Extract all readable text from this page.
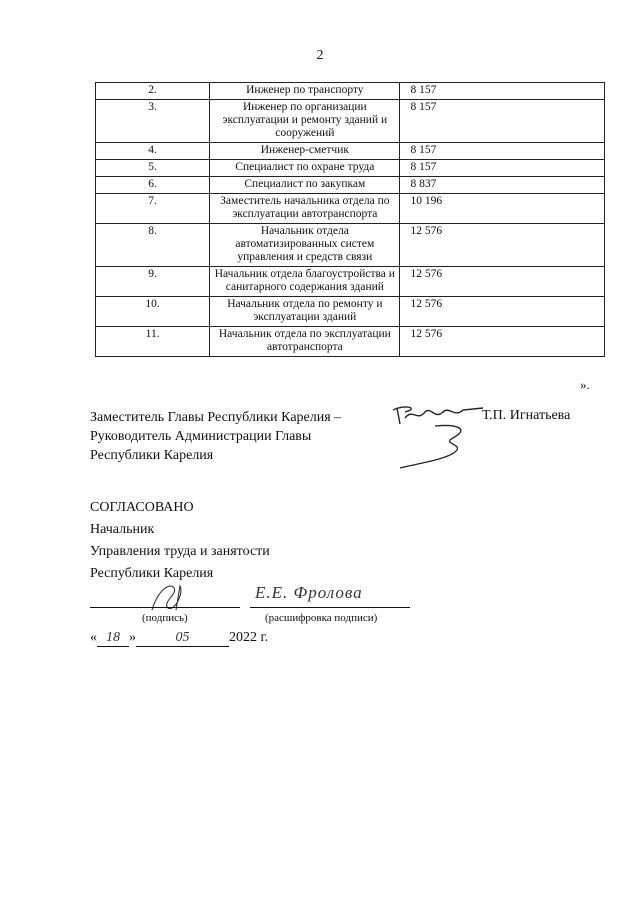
2
2.	Инженер по транспорту	8 157
3.	Инженер по организации эксплуатации и ремонту зданий и сооружений	8 157
4.	Инженер-сметчик	8 157
5.	Специалист по охране труда	8 157
6.	Специалист по закупкам	8 837
7.	Заместитель начальника отдела по эксплуатации автотранспорта	10 196
8.	Начальник отдела автоматизированных систем управления и средств связи	12 576
9.	Начальник отдела благоустройства и санитарного содержания зданий	12 576
10.	Начальник отдела по ремонту и эксплуатации зданий	12 576
11.	Начальник отдела по эксплуатации автотранспорта	12 576
».
Заместитель Главы Республики Карелия –
Руководитель Администрации Главы
Республики Карелия
Т.П. Игнатьева
СОГЛАСОВАНО
Начальник
Управления труда и занятости
Республики Карелия
Е.Е. Фролова
(подпись)	(расшифровка подписи)
« 18 »	05	2022 г.
